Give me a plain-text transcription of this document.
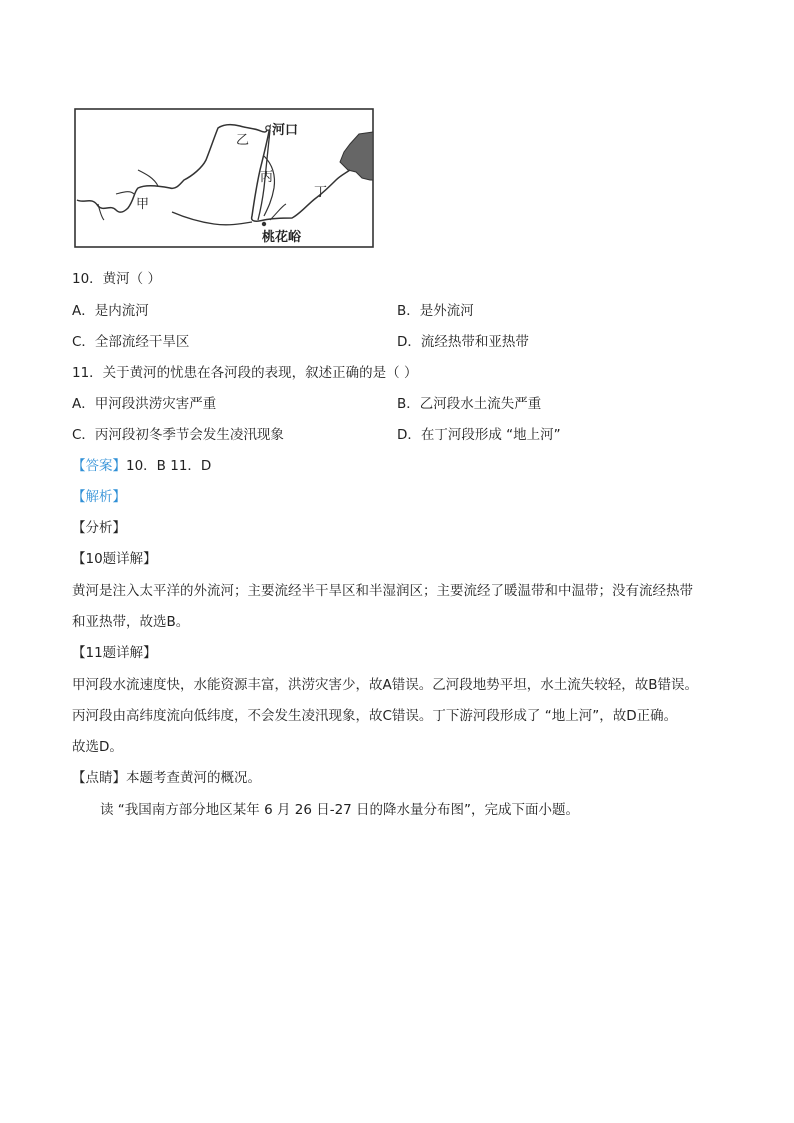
乙
河口
丙
丁
甲
桃花峪
10．黄河（ ）
A．是内流河	B．是外流河
C．全部流经干旱区	D．流经热带和亚热带
11．关于黄河的忧患在各河段的表现，叙述正确的是（ ）
A．甲河段洪涝灾害严重	B．乙河段水土流失严重
C．丙河段初冬季节会发生凌汛现象	D．在丁河段形成 “地上河”
【答案】10．B 11．D
【解析】
【分析】
【10题详解】
黄河是注入太平洋的外流河；主要流经半干旱区和半湿润区；主要流经了暖温带和中温带；没有流经热带
和亚热带，故选B。
【11题详解】
甲河段水流速度快，水能资源丰富，洪涝灾害少，故A错误。乙河段地势平坦，水土流失较轻，故B错误。
丙河段由高纬度流向低纬度，不会发生凌汛现象，故C错误。丁下游河段形成了 “地上河”，故D正确。
故选D。
【点睛】本题考查黄河的概况。
读 “我国南方部分地区某年 6 月 26 日-27 日的降水量分布图”，完成下面小题。
